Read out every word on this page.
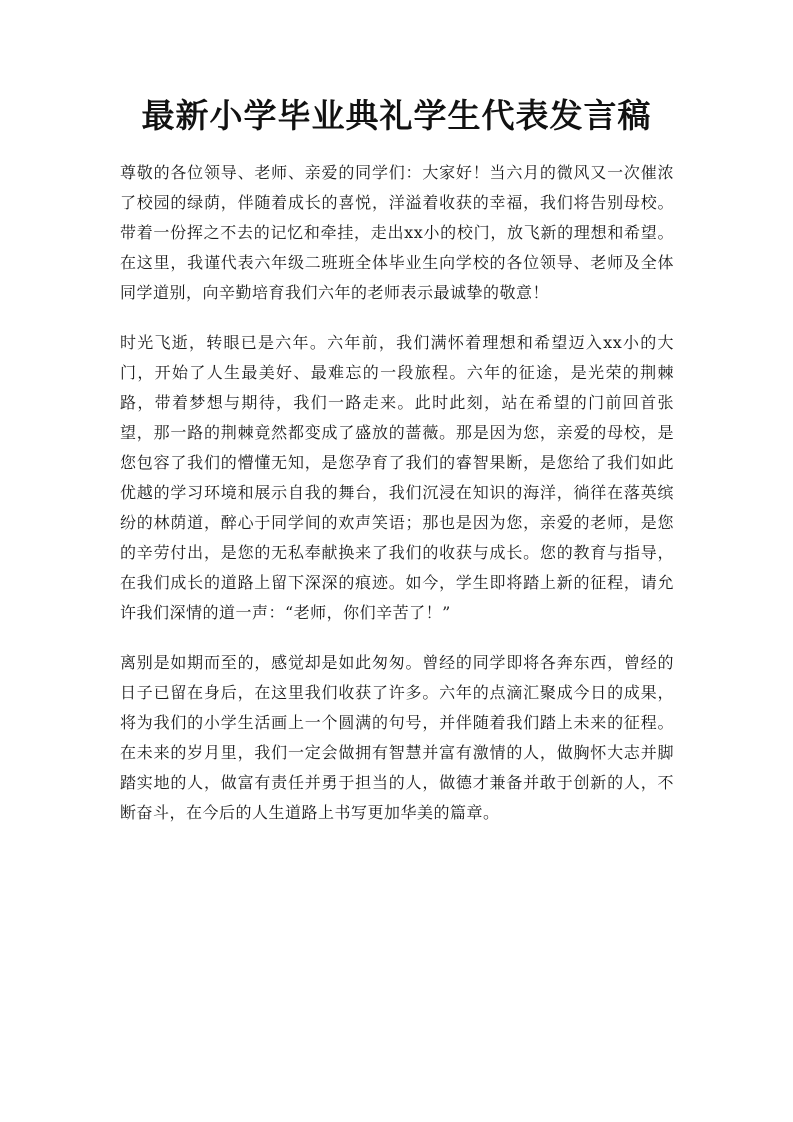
最新小学毕业典礼学生代表发言稿

尊敬的各位领导、老师、亲爱的同学们：大家好！当六月的微风又一次催浓了校园的绿荫，伴随着成长的喜悦，洋溢着收获的幸福，我们将告别母校。带着一份挥之不去的记忆和牵挂，走出xx小的校门，放飞新的理想和希望。在这里，我谨代表六年级二班班全体毕业生向学校的各位领导、老师及全体同学道别，向辛勤培育我们六年的老师表示最诚挚的敬意！

时光飞逝，转眼已是六年。六年前，我们满怀着理想和希望迈入xx小的大门，开始了人生最美好、最难忘的一段旅程。六年的征途，是光荣的荆棘路，带着梦想与期待，我们一路走来。此时此刻，站在希望的门前回首张望，那一路的荆棘竟然都变成了盛放的蔷薇。那是因为您，亲爱的母校，是您包容了我们的懵懂无知，是您孕育了我们的睿智果断，是您给了我们如此优越的学习环境和展示自我的舞台，我们沉浸在知识的海洋，徜徉在落英缤纷的林荫道，醉心于同学间的欢声笑语；那也是因为您，亲爱的老师，是您的辛劳付出，是您的无私奉献换来了我们的收获与成长。您的教育与指导，在我们成长的道路上留下深深的痕迹。如今，学生即将踏上新的征程，请允许我们深情的道一声：“老师，你们辛苦了！”

离别是如期而至的，感觉却是如此匆匆。曾经的同学即将各奔东西，曾经的日子已留在身后，在这里我们收获了许多。六年的点滴汇聚成今日的成果，将为我们的小学生活画上一个圆满的句号，并伴随着我们踏上未来的征程。在未来的岁月里，我们一定会做拥有智慧并富有激情的人，做胸怀大志并脚踏实地的人，做富有责任并勇于担当的人，做德才兼备并敢于创新的人，不断奋斗，在今后的人生道路上书写更加华美的篇章。
